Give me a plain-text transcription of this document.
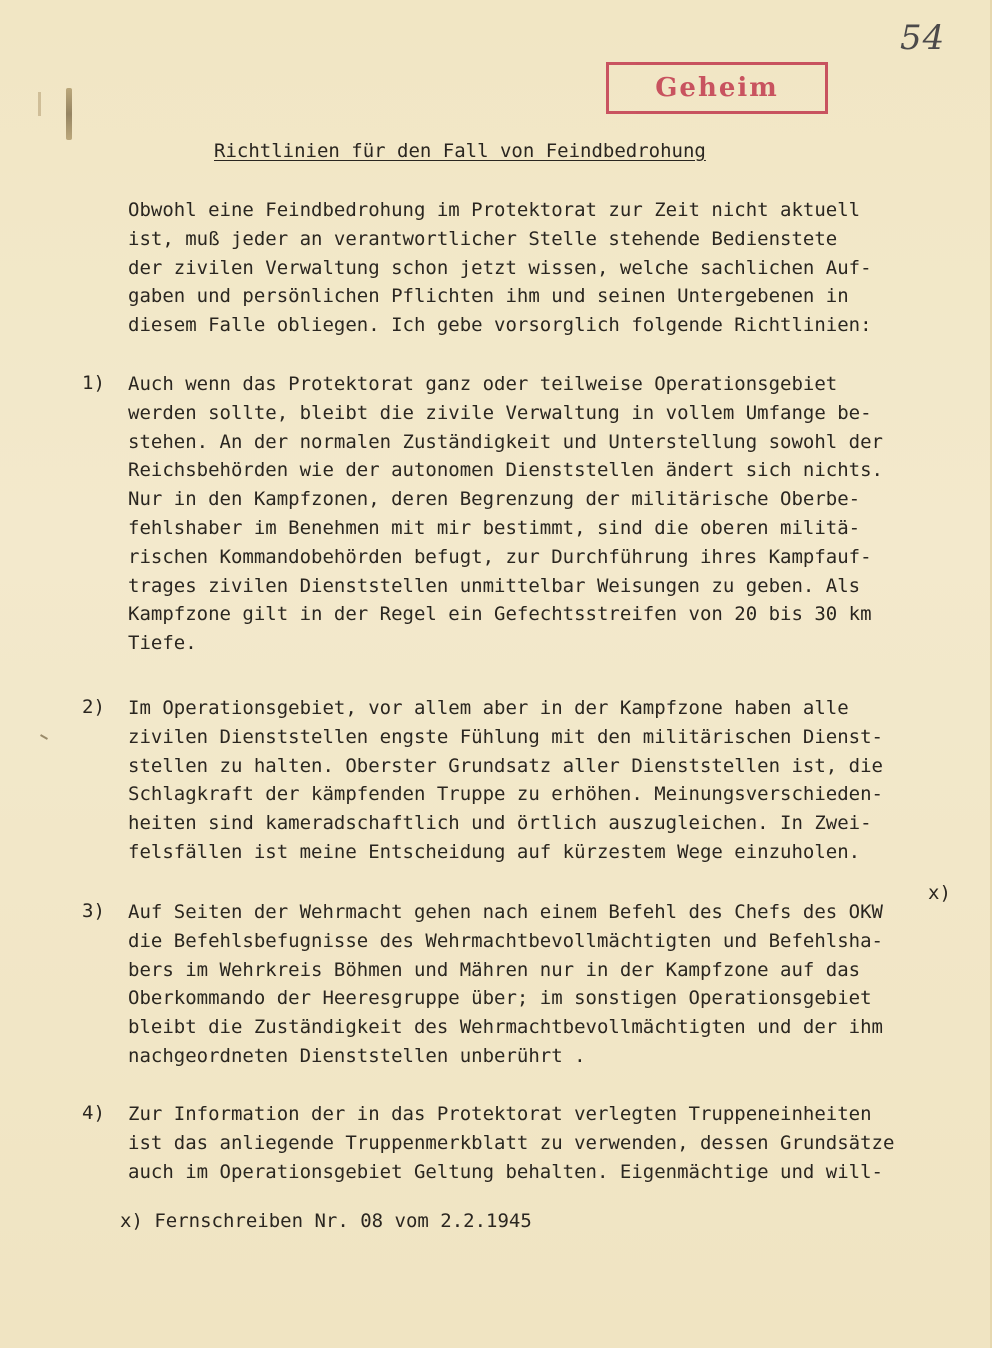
54
Geheim
Richtlinien für den Fall von Feindbedrohung
Obwohl eine Feindbedrohung im Protektorat zur Zeit nicht aktuell
ist, muß jeder an verantwortlicher Stelle stehende Bedienstete
der zivilen Verwaltung schon jetzt wissen, welche sachlichen Auf-
gaben und persönlichen Pflichten ihm und seinen Untergebenen in
diesem Falle obliegen. Ich gebe vorsorglich folgende Richtlinien:
1) Auch wenn das Protektorat ganz oder teilweise Operationsgebiet
werden sollte, bleibt die zivile Verwaltung in vollem Umfange be-
stehen. An der normalen Zuständigkeit und Unterstellung sowohl der
Reichsbehörden wie der autonomen Dienststellen ändert sich nichts.
Nur in den Kampfzonen, deren Begrenzung der militärische Oberbe-
fehlshaber im Benehmen mit mir bestimmt, sind die oberen militä-
rischen Kommandobehörden befugt, zur Durchführung ihres Kampfauf-
trages zivilen Dienststellen unmittelbar Weisungen zu geben. Als
Kampfzone gilt in der Regel ein Gefechtsstreifen von 20 bis 30 km
Tiefe.
2) Im Operationsgebiet, vor allem aber in der Kampfzone haben alle
zivilen Dienststellen engste Fühlung mit den militärischen Dienst-
stellen zu halten. Oberster Grundsatz aller Dienststellen ist, die
Schlagkraft der kämpfenden Truppe zu erhöhen. Meinungsverschieden-
heiten sind kameradschaftlich und örtlich auszugleichen. In Zwei-
felsfällen ist meine Entscheidung auf kürzestem Wege einzuholen.
x)
3) Auf Seiten der Wehrmacht gehen nach einem Befehl des Chefs des OKW
die Befehlsbefugnisse des Wehrmachtbevollmächtigten und Befehlsha-
bers im Wehrkreis Böhmen und Mähren nur in der Kampfzone auf das
Oberkommando der Heeresgruppe über; im sonstigen Operationsgebiet
bleibt die Zuständigkeit des Wehrmachtbevollmächtigten und der ihm
nachgeordneten Dienststellen unberührt .
4) Zur Information der in das Protektorat verlegten Truppeneinheiten
ist das anliegende Truppenmerkblatt zu verwenden, dessen Grundsätze
auch im Operationsgebiet Geltung behalten. Eigenmächtige und will-
x) Fernschreiben Nr. 08 vom 2.2.1945
